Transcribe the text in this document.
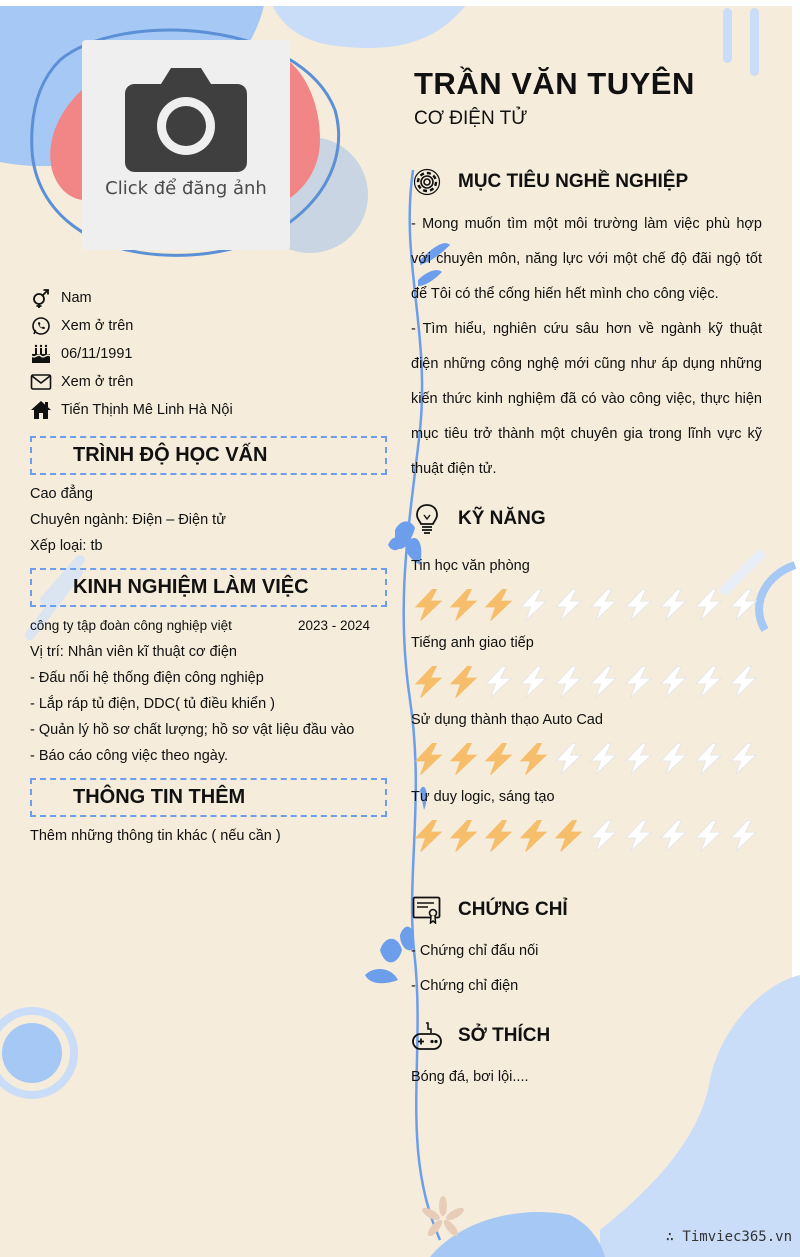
Click để đăng ảnh
Nam
Xem ở trên
06/11/1991
Xem ở trên
Tiến Thịnh Mê Linh Hà Nội
TRÌNH ĐỘ HỌC VẤN
Cao đẳng
Chuyên ngành: Điện – Điện tử
Xếp loại: tb
KINH NGHIỆM LÀM VIỆC
công ty tập đoàn công nghiệp việt	2023 - 2024
Vị trí: Nhân viên kĩ thuật cơ điện
- Đấu nối hệ thống điện công nghiệp
- Lắp ráp tủ điện, DDC( tủ điều khiển )
- Quản lý hồ sơ chất lượng; hồ sơ vật liệu đầu vào
- Báo cáo công việc theo ngày.
THÔNG TIN THÊM
Thêm những thông tin khác ( nếu cần )
TRẦN VĂN TUYÊN
CƠ ĐIỆN TỬ
MỤC TIÊU NGHỀ NGHIỆP
- Mong muốn tìm một môi trường làm việc phù hợp với chuyên môn, năng lực với một chế độ đãi ngộ tốt để Tôi có thể cống hiến hết mình cho công việc.
- Tìm hiểu, nghiên cứu sâu hơn về ngành kỹ thuật điện những công nghệ mới cũng như áp dụng những kiến thức kinh nghiệm đã có vào công việc, thực hiện mục tiêu trở thành một chuyên gia trong lĩnh vực kỹ thuật điện tử.
KỸ NĂNG
Tin học văn phòng
Tiếng anh giao tiếp
Sử dụng thành thạo Auto Cad
Tư duy logic, sáng tạo
CHỨNG CHỈ
- Chứng chỉ đấu nối
- Chứng chỉ điện
SỞ THÍCH
Bóng đá, bơi lội....
∴ Timviec365.vn
